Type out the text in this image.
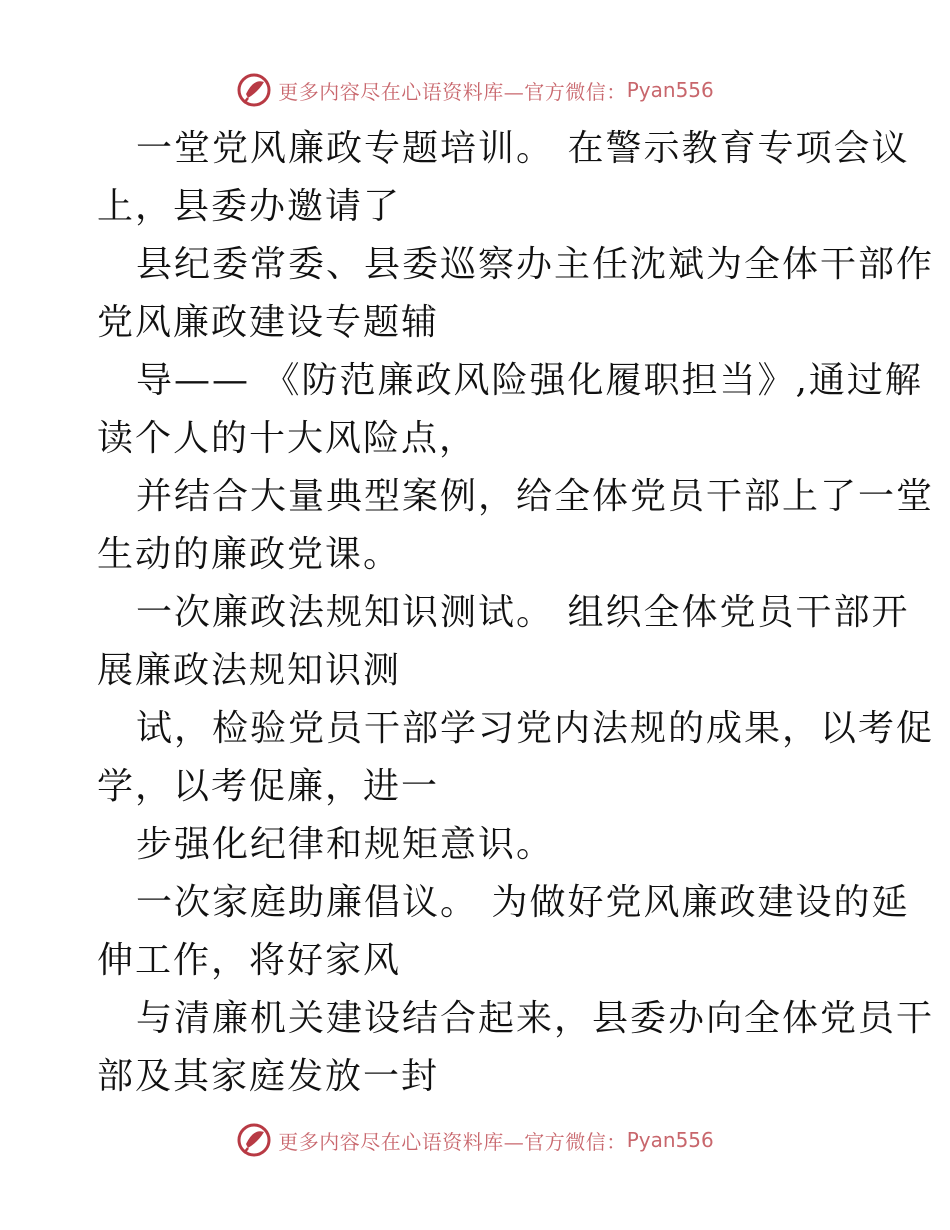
更多内容尽在心语资料库—官方微信： Pyan556
一堂党风廉政专题培训。 在警示教育专项会议
上，县委办邀请了
县纪委常委、县委巡察办主任沈斌为全体干部作
党风廉政建设专题辅
导—— 《防范廉政风险强化履职担当》,通过解
读个人的十大风险点，
并结合大量典型案例，给全体党员干部上了一堂
生动的廉政党课。
一次廉政法规知识测试。 组织全体党员干部开
展廉政法规知识测
试，检验党员干部学习党内法规的成果，以考促
学，以考促廉，进一
步强化纪律和规矩意识。
一次家庭助廉倡议。 为做好党风廉政建设的延
伸工作，将好家风
与清廉机关建设结合起来，县委办向全体党员干
部及其家庭发放一封
更多内容尽在心语资料库—官方微信： Pyan556
